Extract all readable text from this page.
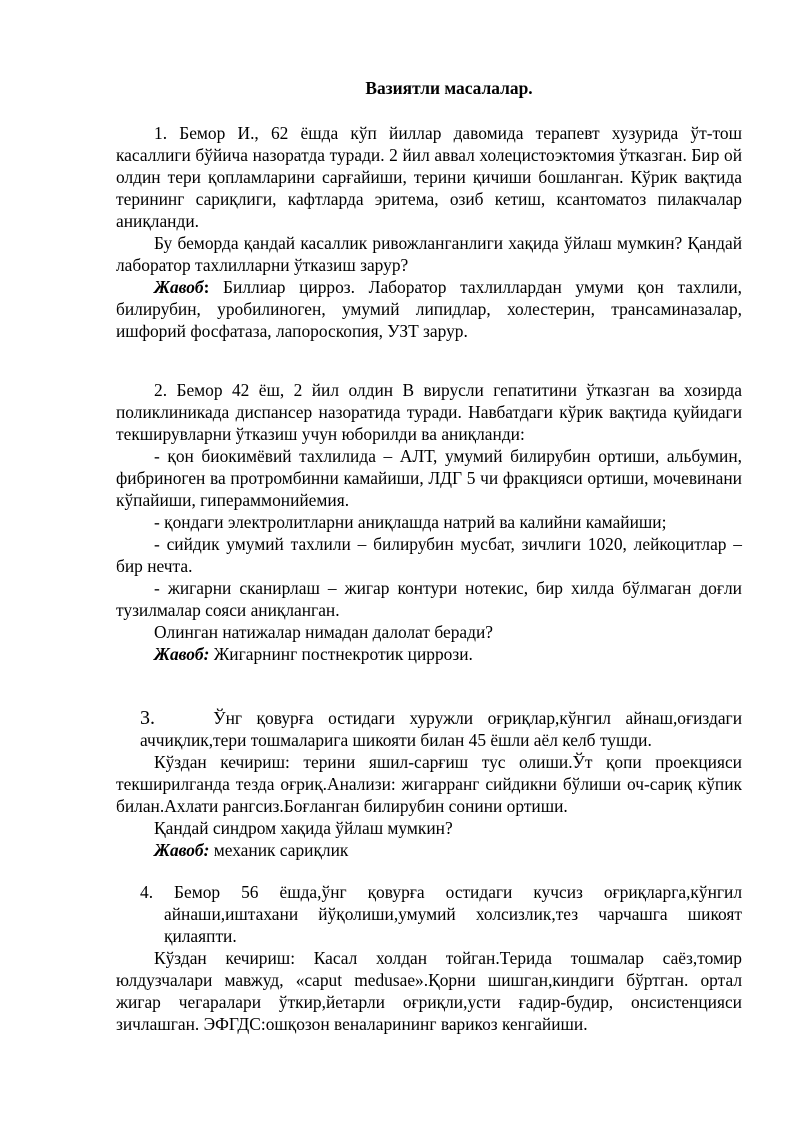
Вазиятли масалалар.

1. Бемор И., 62 ёшда кўп йиллар давомида терапевт хузурида ўт-тош касаллиги бўйича назоратда туради. 2 йил аввал холецистоэктомия ўтказган. Бир ой олдин тери қопламларини сарғайиши, терини қичиши бошланган. Кўрик вақтида терининг сариқлиги, кафтларда эритема, озиб кетиш, ксантоматоз пилакчалар аниқланди.

Бу беморда қандай касаллик ривожланганлиги хақида ўйлаш мумкин? Қандай лаборатор тахлилларни ўтказиш зарур?

Жавоб: Биллиар цирроз. Лаборатор тахлиллардан умуми қон тахлили, билирубин, уробилиноген, умумий липидлар, холестерин, трансаминазалар, ишфорий фосфатаза, лапороскопия, УЗТ зарур.

2. Бемор 42 ёш, 2 йил олдин В вирусли гепатитини ўтказган ва хозирда поликлиникада диспансер назоратида туради. Навбатдаги кўрик вақтида қуйидаги текширувларни ўтказиш учун юборилди ва аниқланди:

- қон биокимёвий тахлилида – АЛТ, умумий билирубин ортиши, альбумин, фибриноген ва протромбинни камайиши, ЛДГ 5 чи фракцияси ортиши, мочевинани кўпайиши, гипераммонийемия.

- қондаги электролитларни аниқлашда натрий ва калийни камайиши;

- сийдик умумий тахлили – билирубин мусбат, зичлиги 1020, лейкоцитлар – бир нечта.

- жигарни сканирлаш – жигар контури нотекис, бир хилда бўлмаган доғли тузилмалар сояси аниқланган.

Олинган натижалар нимадан далолат беради?

Жавоб: Жигарнинг постнекротик циррози.

3.	Ўнг қовурға остидаги хуружли оғриқлар,кўнгил айнаш,оғиздаги

аччиқлик,тери тошмаларига шикояти билан 45 ёшли аёл келб тушди.

Кўздан кечириш: терини яшил-сарғиш тус олиши.Ўт қопи проекцияси текширилганда тезда оғриқ.Анализи: жигарранг сийдикни бўлиши оч-сариқ кўпик билан.Ахлати рангсиз.Боғланган билирубин сонини ортиши.

Қандай синдром хақида ўйлаш мумкин?

Жавоб: механик сариқлик

4. Бемор 56 ёшда,ўнг қовурға остидаги кучсиз оғриқларга,кўнгил айнаши,иштахани йўқолиши,умумий холсизлик,тез чарчашга шикоят қилаяпти.

Кўздан кечириш: Касал холдан тойган.Терида тошмалар саёз,томир юлдузчалари мавжуд, «caput medusae».Қорни шишган,киндиги бўртган. ортал жигар чегаралари ўткир,йетарли оғриқли,усти ғадир-будир, онсистенцияси зичлашган. ЭФГДС:ошқозон веналарининг варикоз кенгайиши.
